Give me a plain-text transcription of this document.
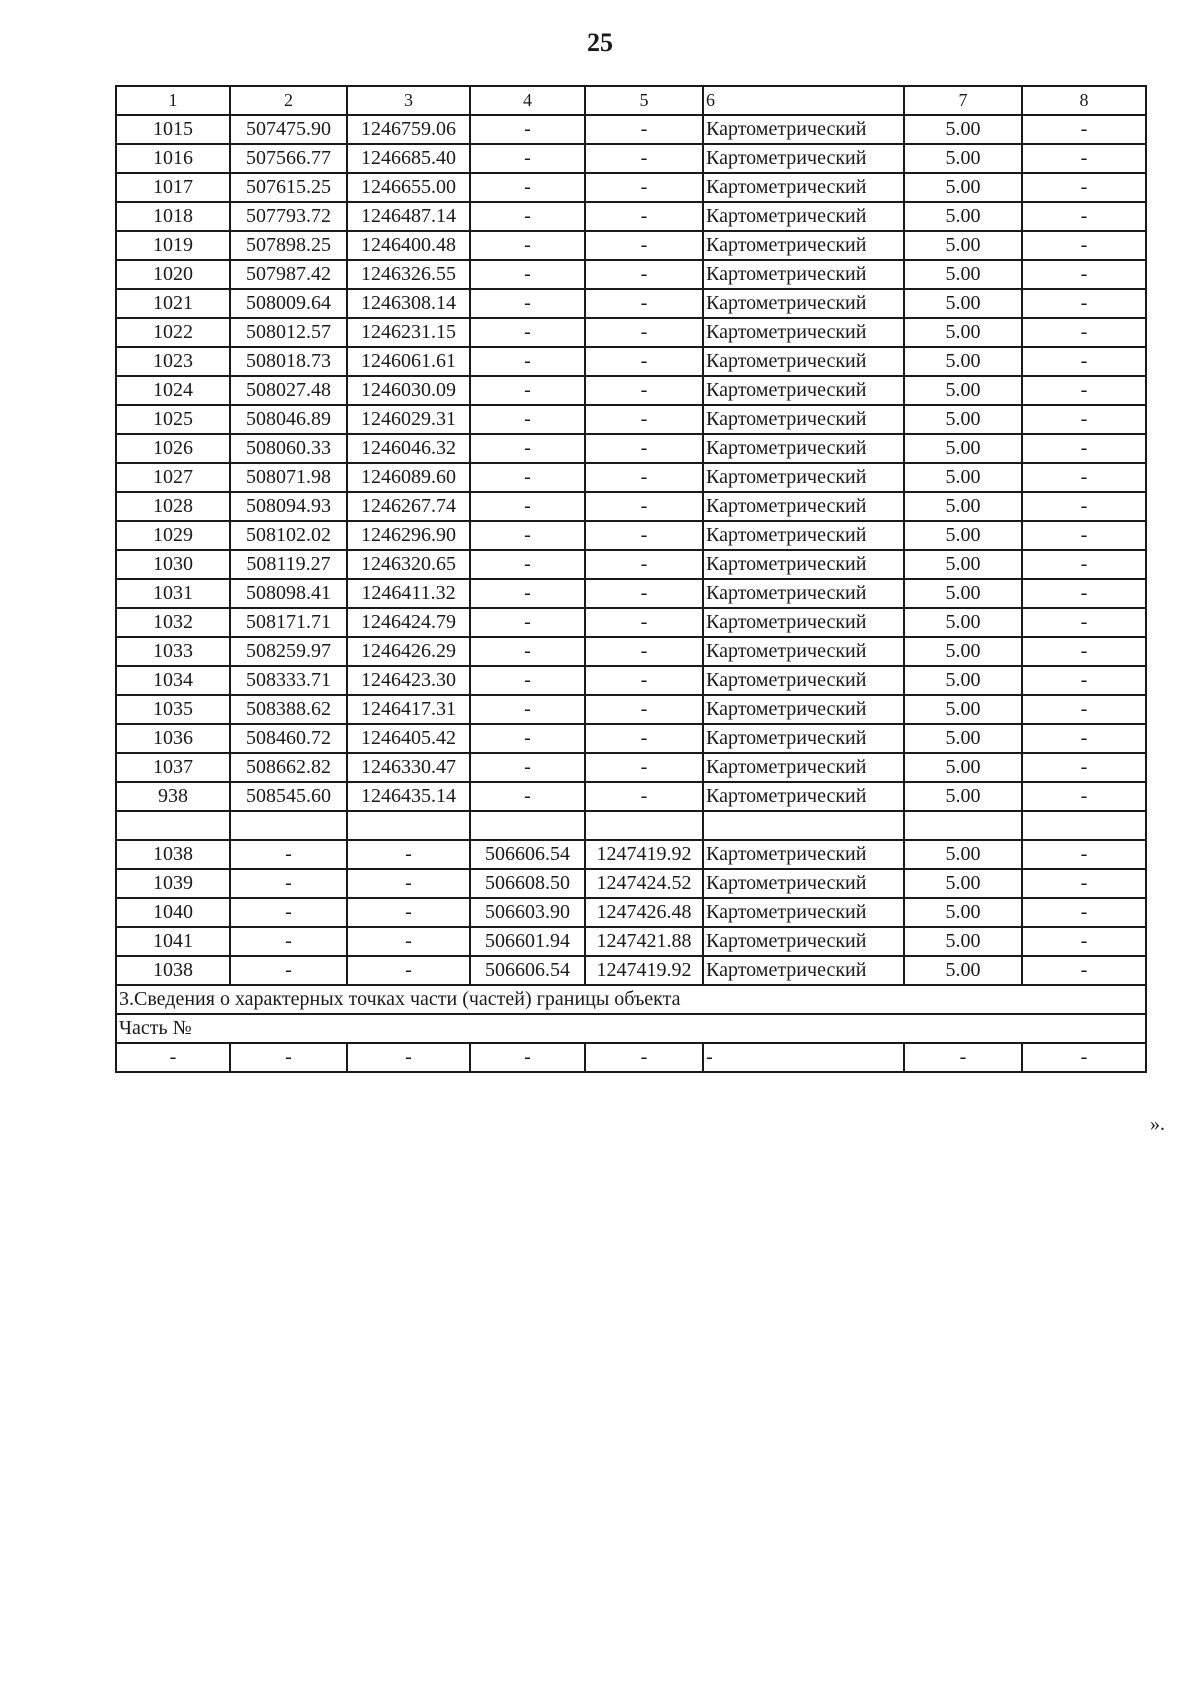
25
1	2	3	4	5	6	7	8
1015	507475.90	1246759.06	-	-	Картометрический	5.00	-
1016	507566.77	1246685.40	-	-	Картометрический	5.00	-
1017	507615.25	1246655.00	-	-	Картометрический	5.00	-
1018	507793.72	1246487.14	-	-	Картометрический	5.00	-
1019	507898.25	1246400.48	-	-	Картометрический	5.00	-
1020	507987.42	1246326.55	-	-	Картометрический	5.00	-
1021	508009.64	1246308.14	-	-	Картометрический	5.00	-
1022	508012.57	1246231.15	-	-	Картометрический	5.00	-
1023	508018.73	1246061.61	-	-	Картометрический	5.00	-
1024	508027.48	1246030.09	-	-	Картометрический	5.00	-
1025	508046.89	1246029.31	-	-	Картометрический	5.00	-
1026	508060.33	1246046.32	-	-	Картометрический	5.00	-
1027	508071.98	1246089.60	-	-	Картометрический	5.00	-
1028	508094.93	1246267.74	-	-	Картометрический	5.00	-
1029	508102.02	1246296.90	-	-	Картометрический	5.00	-
1030	508119.27	1246320.65	-	-	Картометрический	5.00	-
1031	508098.41	1246411.32	-	-	Картометрический	5.00	-
1032	508171.71	1246424.79	-	-	Картометрический	5.00	-
1033	508259.97	1246426.29	-	-	Картометрический	5.00	-
1034	508333.71	1246423.30	-	-	Картометрический	5.00	-
1035	508388.62	1246417.31	-	-	Картометрический	5.00	-
1036	508460.72	1246405.42	-	-	Картометрический	5.00	-
1037	508662.82	1246330.47	-	-	Картометрический	5.00	-
938	508545.60	1246435.14	-	-	Картометрический	5.00	-

1038	-	-	506606.54	1247419.92	Картометрический	5.00	-
1039	-	-	506608.50	1247424.52	Картометрический	5.00	-
1040	-	-	506603.90	1247426.48	Картометрический	5.00	-
1041	-	-	506601.94	1247421.88	Картометрический	5.00	-
1038	-	-	506606.54	1247419.92	Картометрический	5.00	-
3.Сведения о характерных точках части (частей) границы объекта							
Часть №							
-	-	-	-	-	-	-	-
».
